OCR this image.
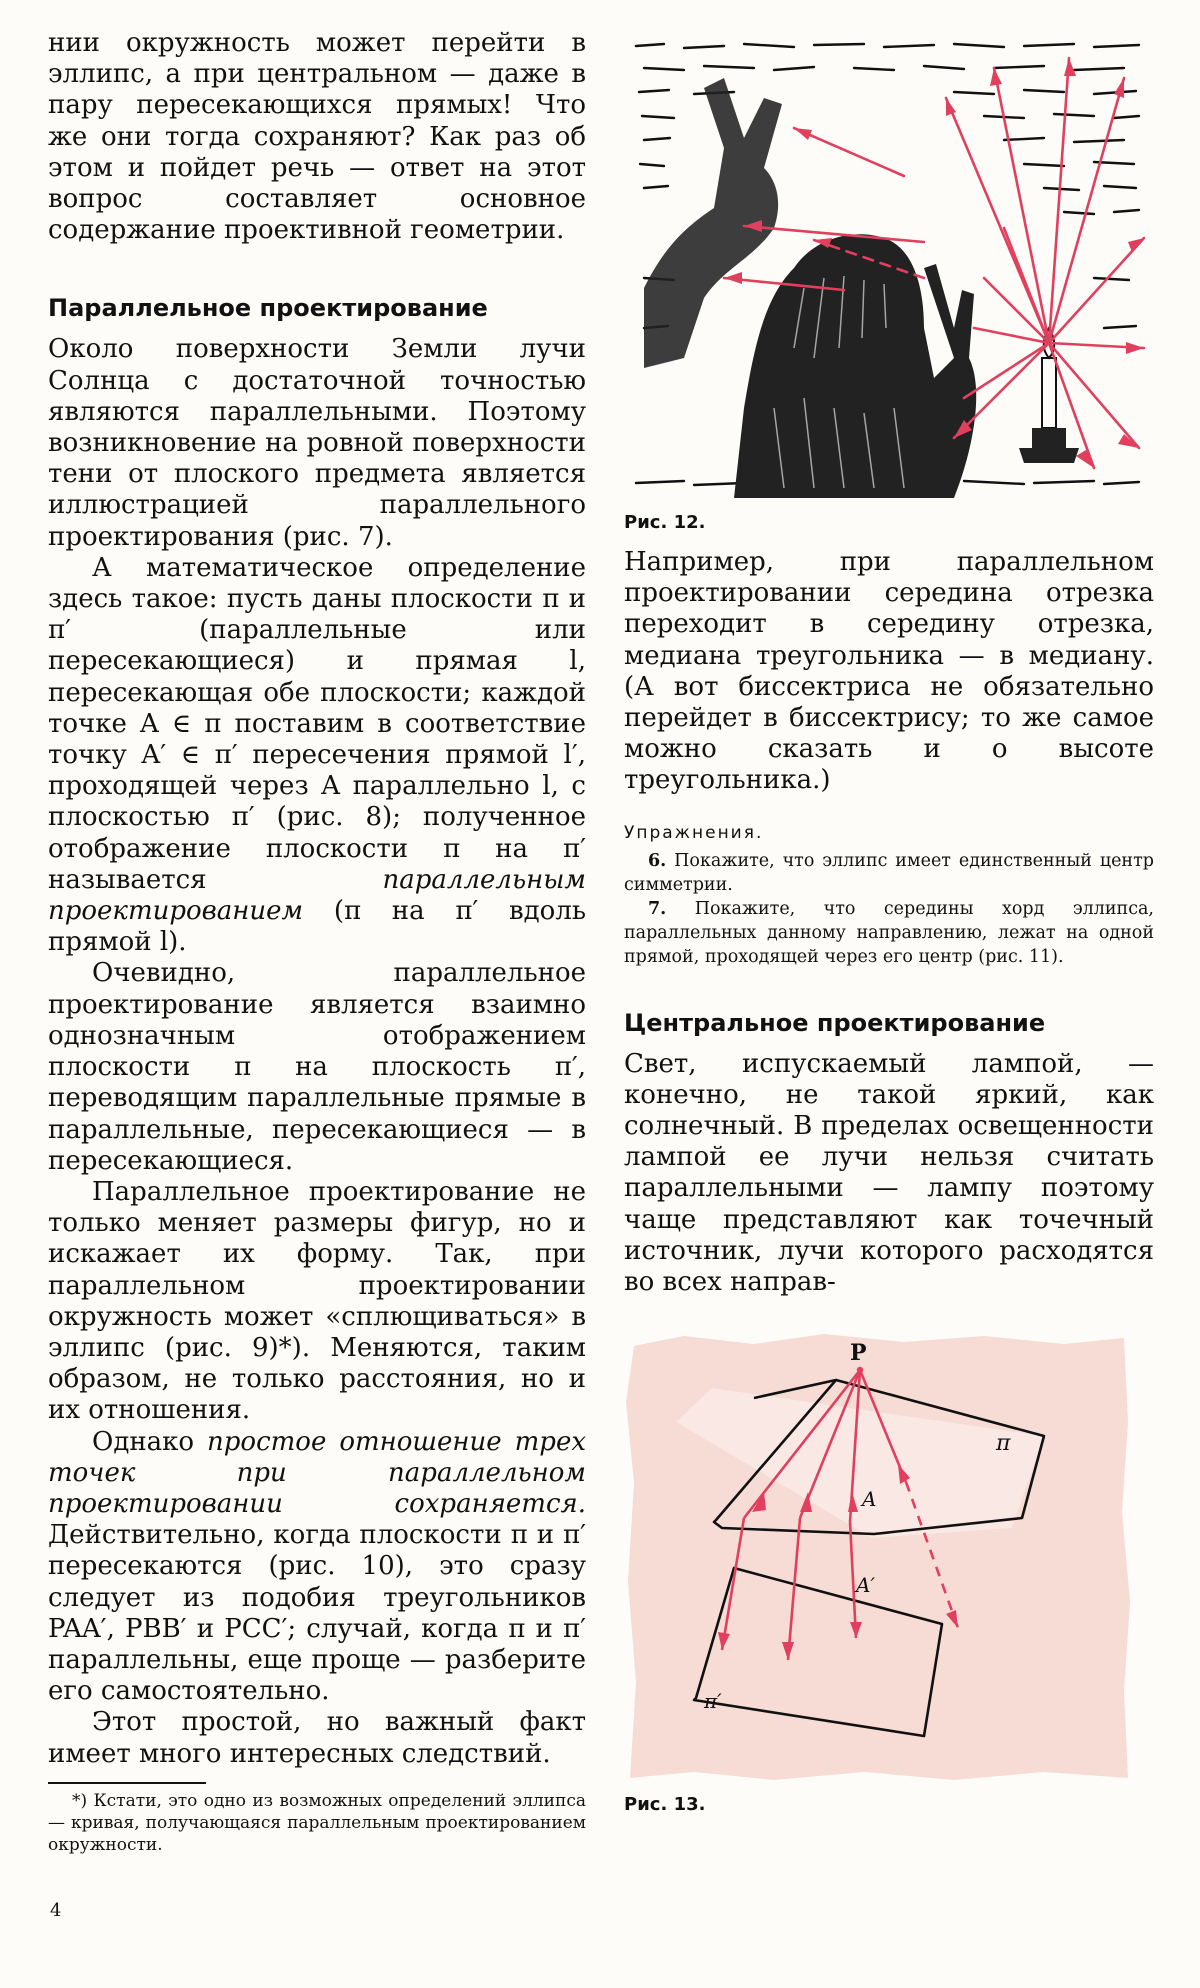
нии окружность может перейти в эллипс, а при центральном — даже в пару пересекающихся прямых! Что же они тогда сохраняют? Как раз об этом и пойдет речь — ответ на этот вопрос составляет основное содержание проективной геометрии.

Параллельное проектирование

Около поверхности Земли лучи Солнца с достаточной точностью являются параллельными. Поэтому возникновение на ровной поверхности тени от плоского предмета является иллюстрацией параллельного проектирования (рис. 7).

А математическое определение здесь такое: пусть даны плоскости π и π′ (параллельные или пересекающиеся) и прямая l, пересекающая обе плоскости; каждой точке A ∈ π поставим в соответствие точку A′ ∈ π′ пересечения прямой l′, проходящей через A параллельно l, с плоскостью π′ (рис. 8); полученное отображение плоскости π на π′ называется	параллельным проектированием (π на π′ вдоль прямой l).

Очевидно, параллельное проектирование является взаимно однозначным отображением плоскости π на плоскость π′, переводящим параллельные прямые в параллельные, пересекающиеся — в пересекающиеся.

Параллельное проектирование не только меняет размеры фигур, но и искажает их форму. Так, при параллельном проектировании окружность может «сплющиваться» в эллипс (рис. 9)*). Меняются, таким образом, не только расстояния, но и их отношения.

Однако простое отношение трех точек при параллельном проектировании сохраняется. Действительно, когда плоскости π и π′ пересекаются (рис. 10), это сразу следует из подобия треугольников PAA′, PBB′ и PCC′; случай, когда π и π′ параллельны, еще проще — разберите его самостоятельно.

Этот простой, но важный факт имеет много интересных следствий.

*) Кстати, это одно из возможных определений эллипса — кривая, получающаяся параллельным проектированием окружности.

4
Рис. 12.

Например, при параллельном проектировании середина отрезка переходит в середину отрезка, медиана треугольника — в медиану. (А вот биссектриса не обязательно перейдет в биссектрису; то же самое можно сказать и о высоте треугольника.)

Упражнения.

6. Покажите, что эллипс имеет единственный центр симметрии.

7. Покажите, что середины хорд эллипса, параллельных данному направлению, лежат на одной прямой, проходящей через его центр (рис. 11).

Центральное проектирование

Свет, испускаемый лампой, — конечно, не такой яркий, как солнечный. В пределах освещенности лампой ее лучи нельзя считать параллельными — лампу поэтому чаще представляют как точечный источник, лучи которого расходятся во всех направ-

P
π
π′
A
A′
Рис. 13.
